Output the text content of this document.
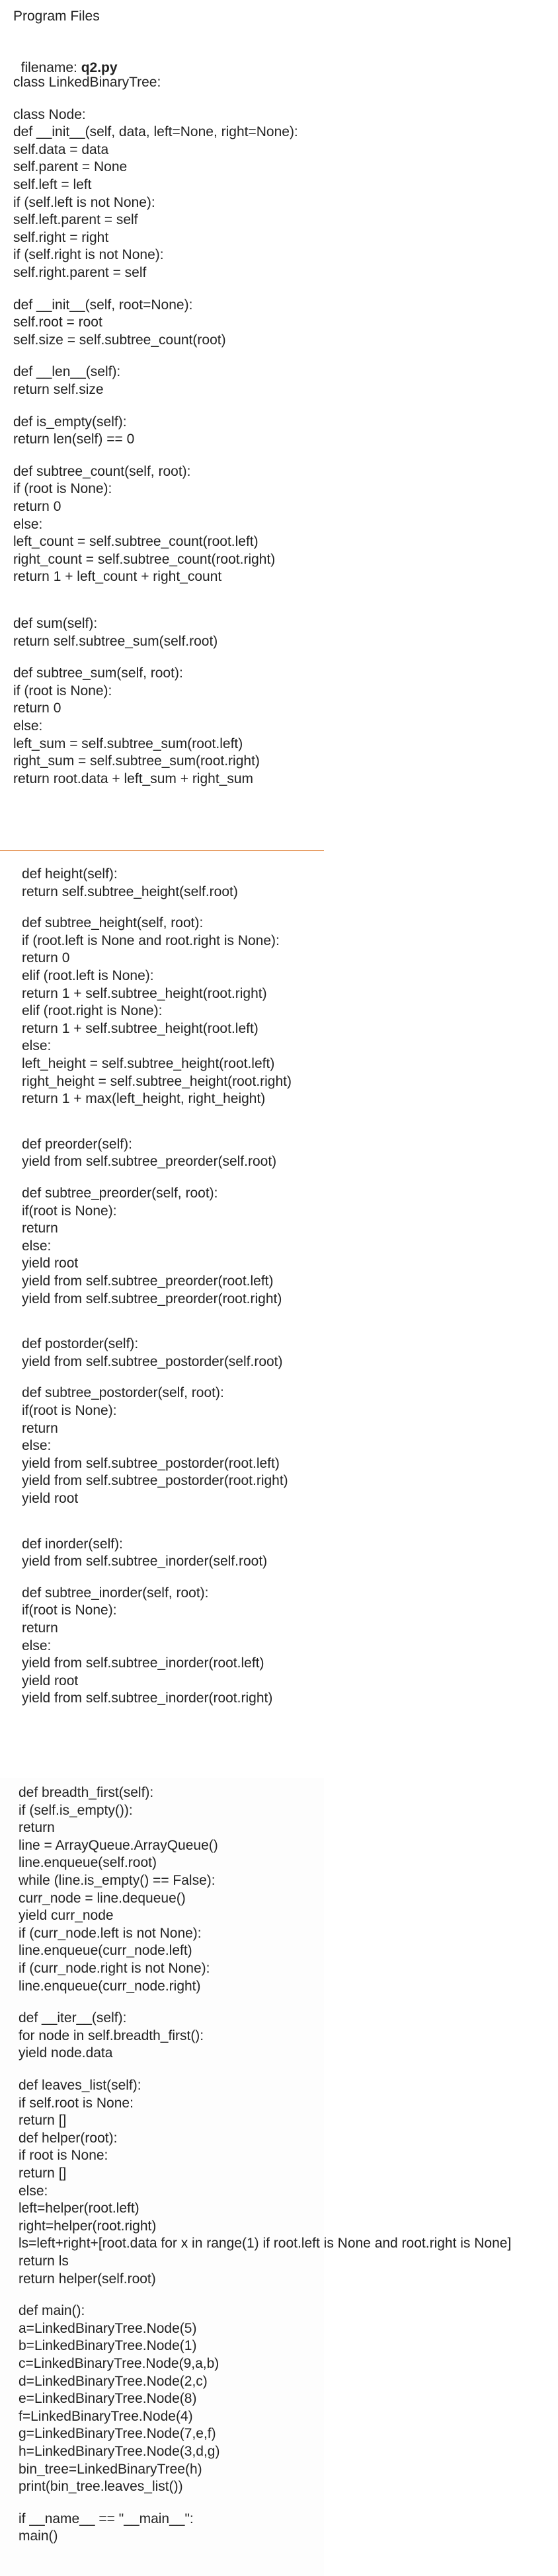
Program Files

filename: q2.py

class LinkedBinaryTree:
class Node:
def __init__(self, data, left=None, right=None):
self.data = data
self.parent = None
self.left = left
if (self.left is not None):
self.left.parent = self
self.right = right
if (self.right is not None):
self.right.parent = self
def __init__(self, root=None):
self.root = root
self.size = self.subtree_count(root)
def __len__(self):
return self.size
def is_empty(self):
return len(self) == 0
def subtree_count(self, root):
if (root is None):
return 0
else:
left_count = self.subtree_count(root.left)
right_count = self.subtree_count(root.right)
return 1 + left_count + right_count
def sum(self):
return self.subtree_sum(self.root)
def subtree_sum(self, root):
if (root is None):
return 0
else:
left_sum = self.subtree_sum(root.left)
right_sum = self.subtree_sum(root.right)
return root.data + left_sum + right_sum
def height(self):
return self.subtree_height(self.root)
def subtree_height(self, root):
if (root.left is None and root.right is None):
return 0
elif (root.left is None):
return 1 + self.subtree_height(root.right)
elif (root.right is None):
return 1 + self.subtree_height(root.left)
else:
left_height = self.subtree_height(root.left)
right_height = self.subtree_height(root.right)
return 1 + max(left_height, right_height)
def preorder(self):
yield from self.subtree_preorder(self.root)
def subtree_preorder(self, root):
if(root is None):
return
else:
yield root
yield from self.subtree_preorder(root.left)
yield from self.subtree_preorder(root.right)
def postorder(self):
yield from self.subtree_postorder(self.root)
def subtree_postorder(self, root):
if(root is None):
return
else:
yield from self.subtree_postorder(root.left)
yield from self.subtree_postorder(root.right)
yield root
def inorder(self):
yield from self.subtree_inorder(self.root)
def subtree_inorder(self, root):
if(root is None):
return
else:
yield from self.subtree_inorder(root.left)
yield root
yield from self.subtree_inorder(root.right)
def breadth_first(self):
if (self.is_empty()):
return
line = ArrayQueue.ArrayQueue()
line.enqueue(self.root)
while (line.is_empty() == False):
curr_node = line.dequeue()
yield curr_node
if (curr_node.left is not None):
line.enqueue(curr_node.left)
if (curr_node.right is not None):
line.enqueue(curr_node.right)
def __iter__(self):
for node in self.breadth_first():
yield node.data
def leaves_list(self):
if self.root is None:
return []
def helper(root):
if root is None:
return []
else:
left=helper(root.left)
right=helper(root.right)
ls=left+right+[root.data for x in range(1) if root.left is None and root.right is None]
return ls
return helper(self.root)
def main():
a=LinkedBinaryTree.Node(5)
b=LinkedBinaryTree.Node(1)
c=LinkedBinaryTree.Node(9,a,b)
d=LinkedBinaryTree.Node(2,c)
e=LinkedBinaryTree.Node(8)
f=LinkedBinaryTree.Node(4)
g=LinkedBinaryTree.Node(7,e,f)
h=LinkedBinaryTree.Node(3,d,g)
bin_tree=LinkedBinaryTree(h)
print(bin_tree.leaves_list())
if __name__ == "__main__":
main()
